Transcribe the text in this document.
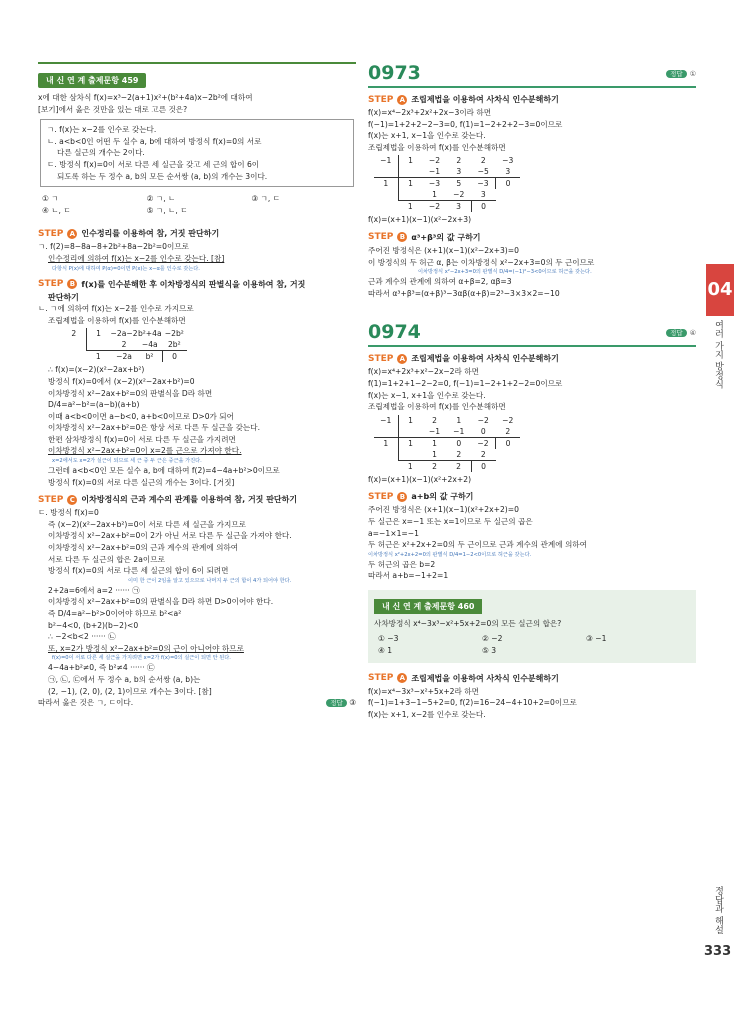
내 신 연 계 출제문항 459
x에 대한 삼차식 f(x)=x³−2(a+1)x²+(b²+4a)x−2b²에 대하여
[보기]에서 옳은 것만을 있는 대로 고른 것은?
ㄱ. f(x)는 x−2를 인수로 갖는다.
ㄴ. a<b<0인 어떤 두 실수 a, b에 대하여 방정식 f(x)=0의 서로
다른 실근의 개수는 2이다.
ㄷ. 방정식 f(x)=0이 서로 다른 세 실근을 갖고 세 근의 합이 6이
되도록 하는 두 정수 a, b의 모든 순서쌍 (a, b)의 개수는 3이다.
① ㄱ	② ㄱ, ㄴ	③ ㄱ, ㄷ
④ ㄴ, ㄷ	⑤ ㄱ, ㄴ, ㄷ
STEP A 인수정리를 이용하여 참, 거짓 판단하기
ㄱ. f(2)=8−8a−8+2b²+8a−2b²=0이므로
인수정리에 의하여 f(x)는 x−2를 인수로 갖는다. [참]
다항식 P(x)에 대하여 P(α)=0이면 P(x)는 x−α를 인수로 갖는다.
STEP B f(x)를 인수분해한 후 이차방정식의 판별식을 이용하여 참, 거짓
판단하기
ㄴ. ㄱ에 의하여 f(x)는 x−2를 인수로 가지므로
조립제법을 이용하여 f(x)를 인수분해하면
2	1	−2a−2	b²+4a	−2b²
		2	−4a	2b²
	1	−2a	b²	0
∴ f(x)=(x−2)(x²−2ax+b²)
방정식 f(x)=0에서 (x−2)(x²−2ax+b²)=0
이차방정식 x²−2ax+b²=0의 판별식을 D라 하면
D/4=a²−b²=(a−b)(a+b)
이때 a<b<0이면 a−b<0, a+b<0이므로 D>0가 되어
이차방정식 x²−2ax+b²=0은 항상 서로 다른 두 실근을 갖는다.
한편 삼차방정식 f(x)=0이 서로 다른 두 실근을 가지려면
이차방정식 x²−2ax+b²=0이 x=2를 근으로 가져야 한다.
x=2에서도 x=2가 실근이 되므로 세 근 중 두 근은 중근을 가진다.
그런데 a<b<0인 모든 실수 a, b에 대하여 f(2)=4−4a+b²>0이므로
방정식 f(x)=0의 서로 다른 실근의 개수는 3이다. [거짓]
STEP C 이차방정식의 근과 계수의 관계를 이용하여 참, 거짓 판단하기
ㄷ. 방정식 f(x)=0
즉 (x−2)(x²−2ax+b²)=0이 서로 다른 세 실근을 가지므로
이차방정식 x²−2ax+b²=0이 2가 아닌 서로 다른 두 실근을 가져야 한다.
이차방정식 x²−2ax+b²=0의 근과 계수의 관계에 의하여
서로 다른 두 실근의 합은 2a이므로
방정식 f(x)=0의 서로 다른 세 실근의 합이 6이 되려면
이미 한 근이 2임을 알고 있으므로 나머지 두 근의 합이 4가 되어야 한다.
2+2a=6에서 a=2 ······ ㉠
이차방정식 x²−2ax+b²=0의 판별식을 D라 하면 D>0이어야 한다.
즉 D/4=a²−b²>0이어야 하므로 b²<a²
b²−4<0, (b+2)(b−2)<0
∴ −2<b<2 ······ ㉡
또, x=2가 방정식 x²−2ax+b²=0의 근이 아니어야 하므로
f(x)=0이 서로 다른 세 실근을 가지려면 x=2가 f(x)=0의 실근이 되면 안 된다.
4−4a+b²≠0, 즉 b²≠4 ······ ㉢
㉠, ㉡, ㉢에서 두 정수 a, b의 순서쌍 (a, b)는
(2, −1), (2, 0), (2, 1)이므로 개수는 3이다. [참]
따라서 옳은 것은 ㄱ, ㄷ이다.	정답 ③
0973	정답 ①
STEP A 조립제법을 이용하여 사차식 인수분해하기
f(x)=x⁴−2x³+2x²+2x−3이라 하면
f(−1)=1+2+2−2−3=0, f(1)=1−2+2+2−3=0이므로
f(x)는 x+1, x−1을 인수로 갖는다.
조립제법을 이용하여 f(x)를 인수분해하면
−1	1	−2	2	2	−3
		−1	3	−5	3
1	1	−3	5	−3	0
		1	−2	3	
	1	−2	3	0	
f(x)=(x+1)(x−1)(x²−2x+3)
STEP B α³+β³의 값 구하기
주어진 방정식은 (x+1)(x−1)(x²−2x+3)=0
이 방정식의 두 허근 α, β는 이차방정식 x²−2x+3=0의 두 근이므로
이차방정식 x²−2x+3=0의 판별식 D/4=(−1)²−3<0이므로 허근을 갖는다.
근과 계수의 관계에 의하여 α+β=2, αβ=3
따라서 α³+β³=(α+β)³−3αβ(α+β)=2³−3×3×2=−10
0974	정답 ④
STEP A 조립제법을 이용하여 사차식 인수분해하기
f(x)=x⁴+2x³+x²−2x−2라 하면
f(1)=1+2+1−2−2=0, f(−1)=1−2+1+2−2=0이므로
f(x)는 x−1, x+1을 인수로 갖는다.
조립제법을 이용하여 f(x)를 인수분해하면
−1	1	2	1	−2	−2
		−1	−1	0	2
1	1	1	0	−2	0
		1	2	2	
	1	2	2	0	
f(x)=(x+1)(x−1)(x²+2x+2)
STEP B a+b의 값 구하기
주어진 방정식은 (x+1)(x−1)(x²+2x+2)=0
두 실근은 x=−1 또는 x=1이므로 두 실근의 곱은
a=−1×1=−1
두 허근은 x²+2x+2=0의 두 근이므로 근과 계수의 관계에 의하여
이차방정식 x²+2x+2=0의 판별식 D/4=1−2<0이므로 허근을 갖는다.
두 허근의 곱은 b=2
따라서 a+b=−1+2=1
내 신 연 계 출제문항 460
사차방정식 x⁴−3x³−x²+5x+2=0의 모든 실근의 합은?
① −3	② −2	③ −1
④ 1	⑤ 3
STEP A 조립제법을 이용하여 사차식 인수분해하기
f(x)=x⁴−3x³−x²+5x+2라 하면
f(−1)=1+3−1−5+2=0, f(2)=16−24−4+10+2=0이므로
f(x)는 x+1, x−2를 인수로 갖는다.
04
여러 가지 방정식
정답과 해설
333
